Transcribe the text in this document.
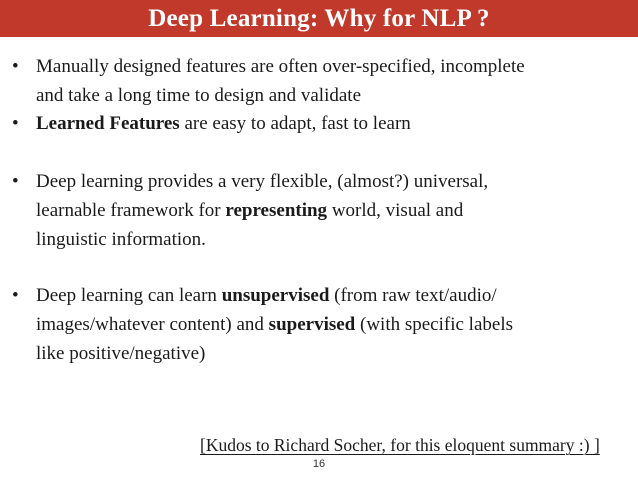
Deep Learning: Why for NLP ?
• Manually designed features are often over-specified, incomplete
and take a long time to design and validate
• Learned Features are easy to adapt, fast to learn
• Deep learning provides a very flexible, (almost?) universal,
learnable framework for representing world, visual and
linguistic information.
• Deep learning can learn unsupervised (from raw text/audio/
images/whatever content) and supervised (with specific labels
like positive/negative)
[Kudos to Richard Socher, for this eloquent summary :) ]
16
